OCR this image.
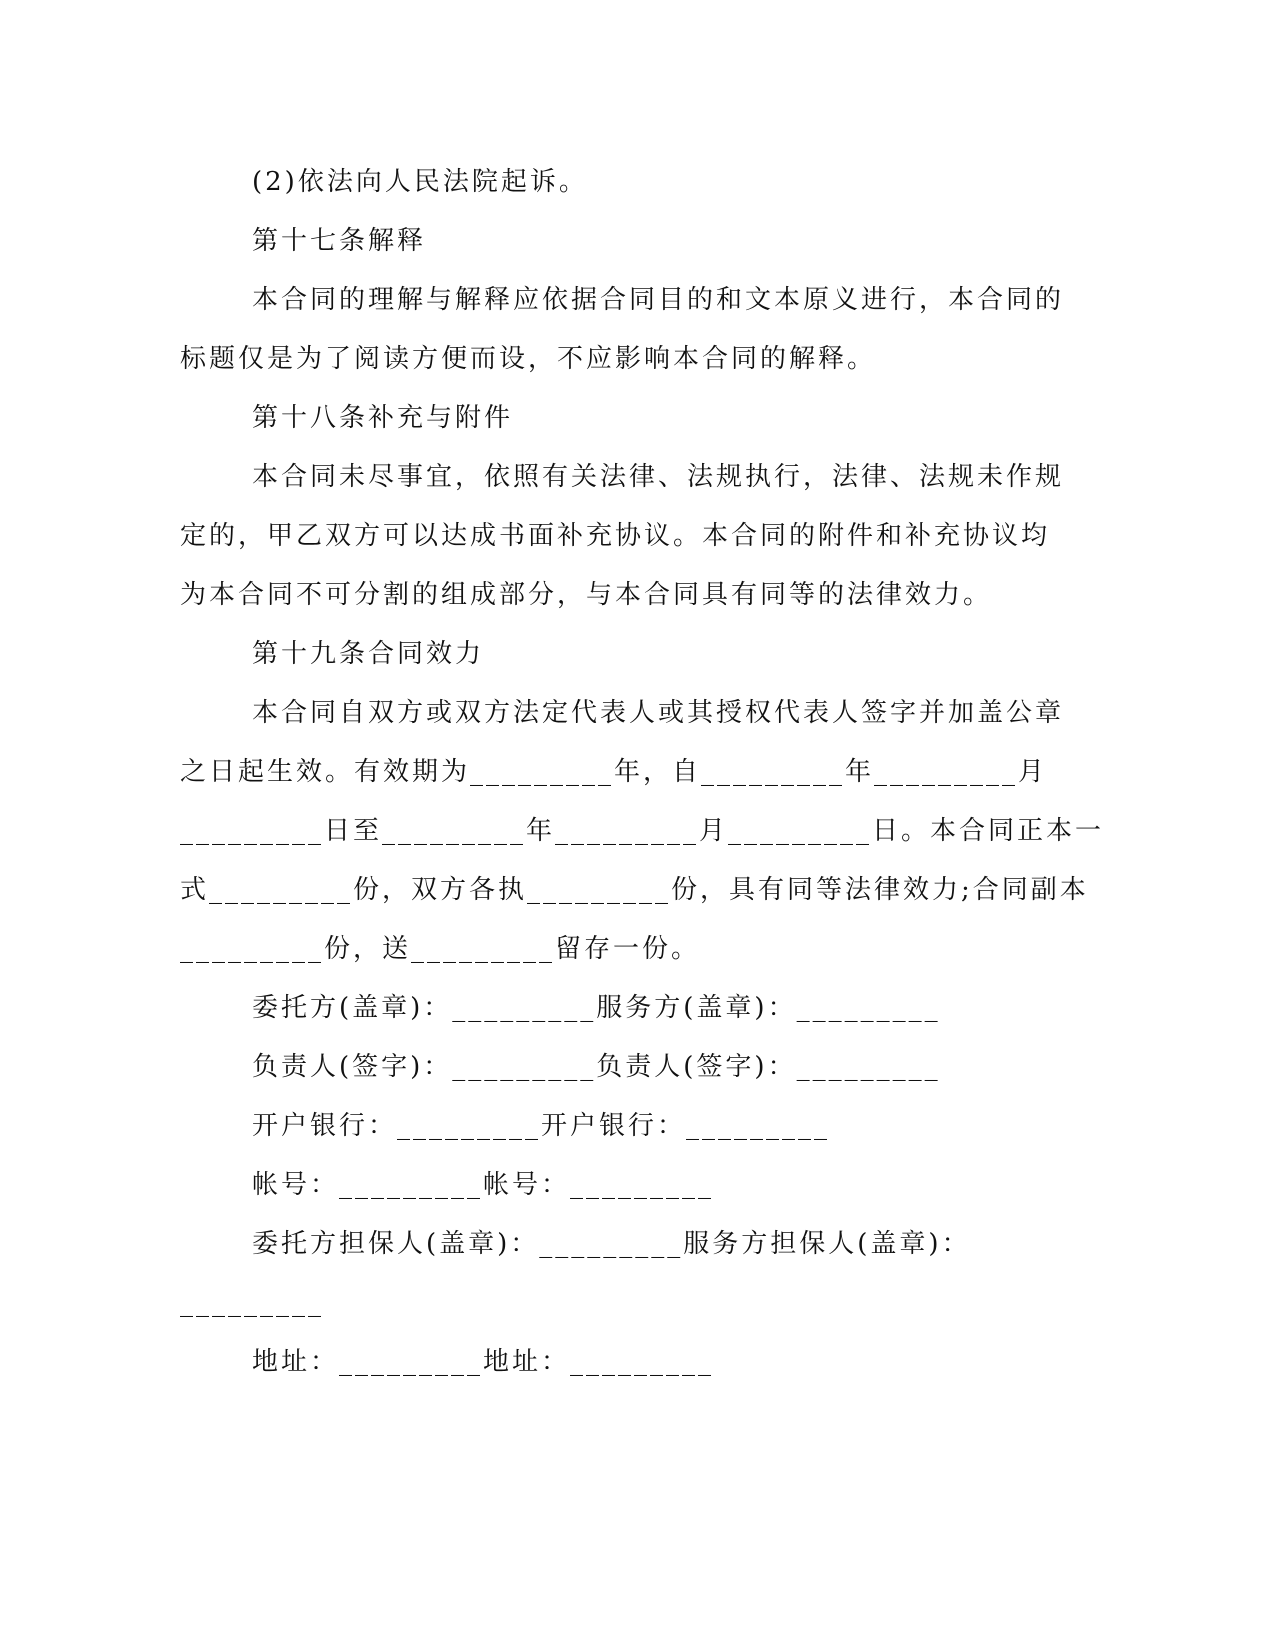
(2)依法向人民法院起诉。
第十七条解释
本合同的理解与解释应依据合同目的和文本原义进行，本合同的
标题仅是为了阅读方便而设，不应影响本合同的解释。
第十八条补充与附件
本合同未尽事宜，依照有关法律、法规执行，法律、法规未作规
定的，甲乙双方可以达成书面补充协议。本合同的附件和补充协议均
为本合同不可分割的组成部分，与本合同具有同等的法律效力。
第十九条合同效力
本合同自双方或双方法定代表人或其授权代表人签字并加盖公章
之日起生效。有效期为_________年，自_________年_________月
_________日至_________年_________月_________日。本合同正本一
式_________份，双方各执_________份，具有同等法律效力;合同副本
_________份，送_________留存一份。
委托方(盖章)：_________服务方(盖章)：_________
负责人(签字)：_________负责人(签字)：_________
开户银行：_________开户银行：_________
帐号：_________帐号：_________
委托方担保人(盖章)：_________服务方担保人(盖章)：
_________
地址：_________地址：_________
